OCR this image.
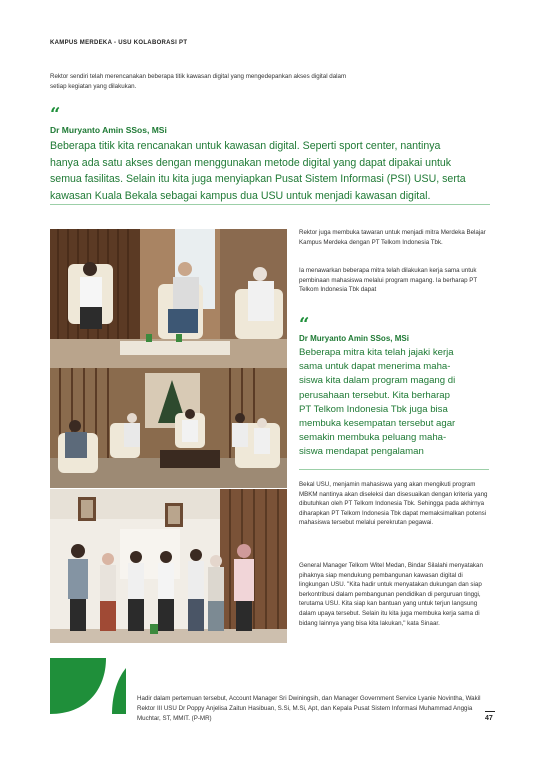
KAMPUS MERDEKA - USU KOLABORASI PT
Rektor sendiri telah merencanakan beberapa titik kawasan digital yang mengedepankan akses digital dalam setiap kegiatan yang dilakukan.
“
Dr Muryanto Amin SSos, MSi
Beberapa titik kita rencanakan untuk kawasan digital. Seperti sport center, nantinya
hanya ada satu akses dengan menggunakan metode digital yang dapat dipakai untuk
semua fasilitas. Selain itu kita juga menyiapkan Pusat Sistem Informasi (PSI) USU, serta
kawasan Kuala Bekala sebagai kampus dua USU untuk menjadi kawasan digital.
Rektor juga membuka tawaran untuk menjadi mitra Merdeka Belajar Kampus Merdeka dengan PT Telkom Indonesia Tbk.
Ia menawarkan beberapa mitra telah dilakukan kerja sama untuk pembinaan mahasiswa melalui program magang. Ia berharap PT Telkom Indonesia Tbk dapat
“
Dr Muryanto Amin SSos, MSi
Beberapa mitra kita telah jajaki kerja
sama untuk dapat menerima maha-
siswa kita dalam program magang di
perusahaan tersebut. Kita berharap
PT Telkom Indonesia Tbk juga bisa
membuka kesempatan tersebut agar
semakin membuka peluang maha-
siswa mendapat pengalaman
Bekal USU, menjamin mahasiswa yang akan mengikuti program MBKM nantinya akan diseleksi dan disesuaikan dengan kriteria yang dibutuhkan oleh PT Telkom Indonesia Tbk. Sehingga pada akhirnya diharapkan PT Telkom Indonesia Tbk dapat memaksimalkan potensi mahasiswa tersebut melalui perekrutan pegawai.
General Manager Telkom Witel Medan, Bindar Silalahi menyatakan pihaknya siap mendukung pembangunan kawasan digital di lingkungan USU. "Kita hadir untuk menyatakan dukungan dan siap berkontribusi dalam pembangunan pendidikan di perguruan tinggi, terutama USU. Kita siap kan bantuan yang untuk terjun langsung dalam upaya tersebut. Selain itu kita juga membuka kerja sama di bidang lainnya yang bisa kita lakukan," kata Sinaar.
Hadir dalam pertemuan tersebut, Account Manager Sri Dwiningsih, dan Manager Government Service Lyanie Novintha, Wakil Rektor III USU Dr Poppy Anjelisa Zaitun Hasibuan, S.Si, M.Si, Apt, dan Kepala Pusat Sistem Informasi Muhammad Anggia Muchtar, ST, MMIT. (P-MR)	47
